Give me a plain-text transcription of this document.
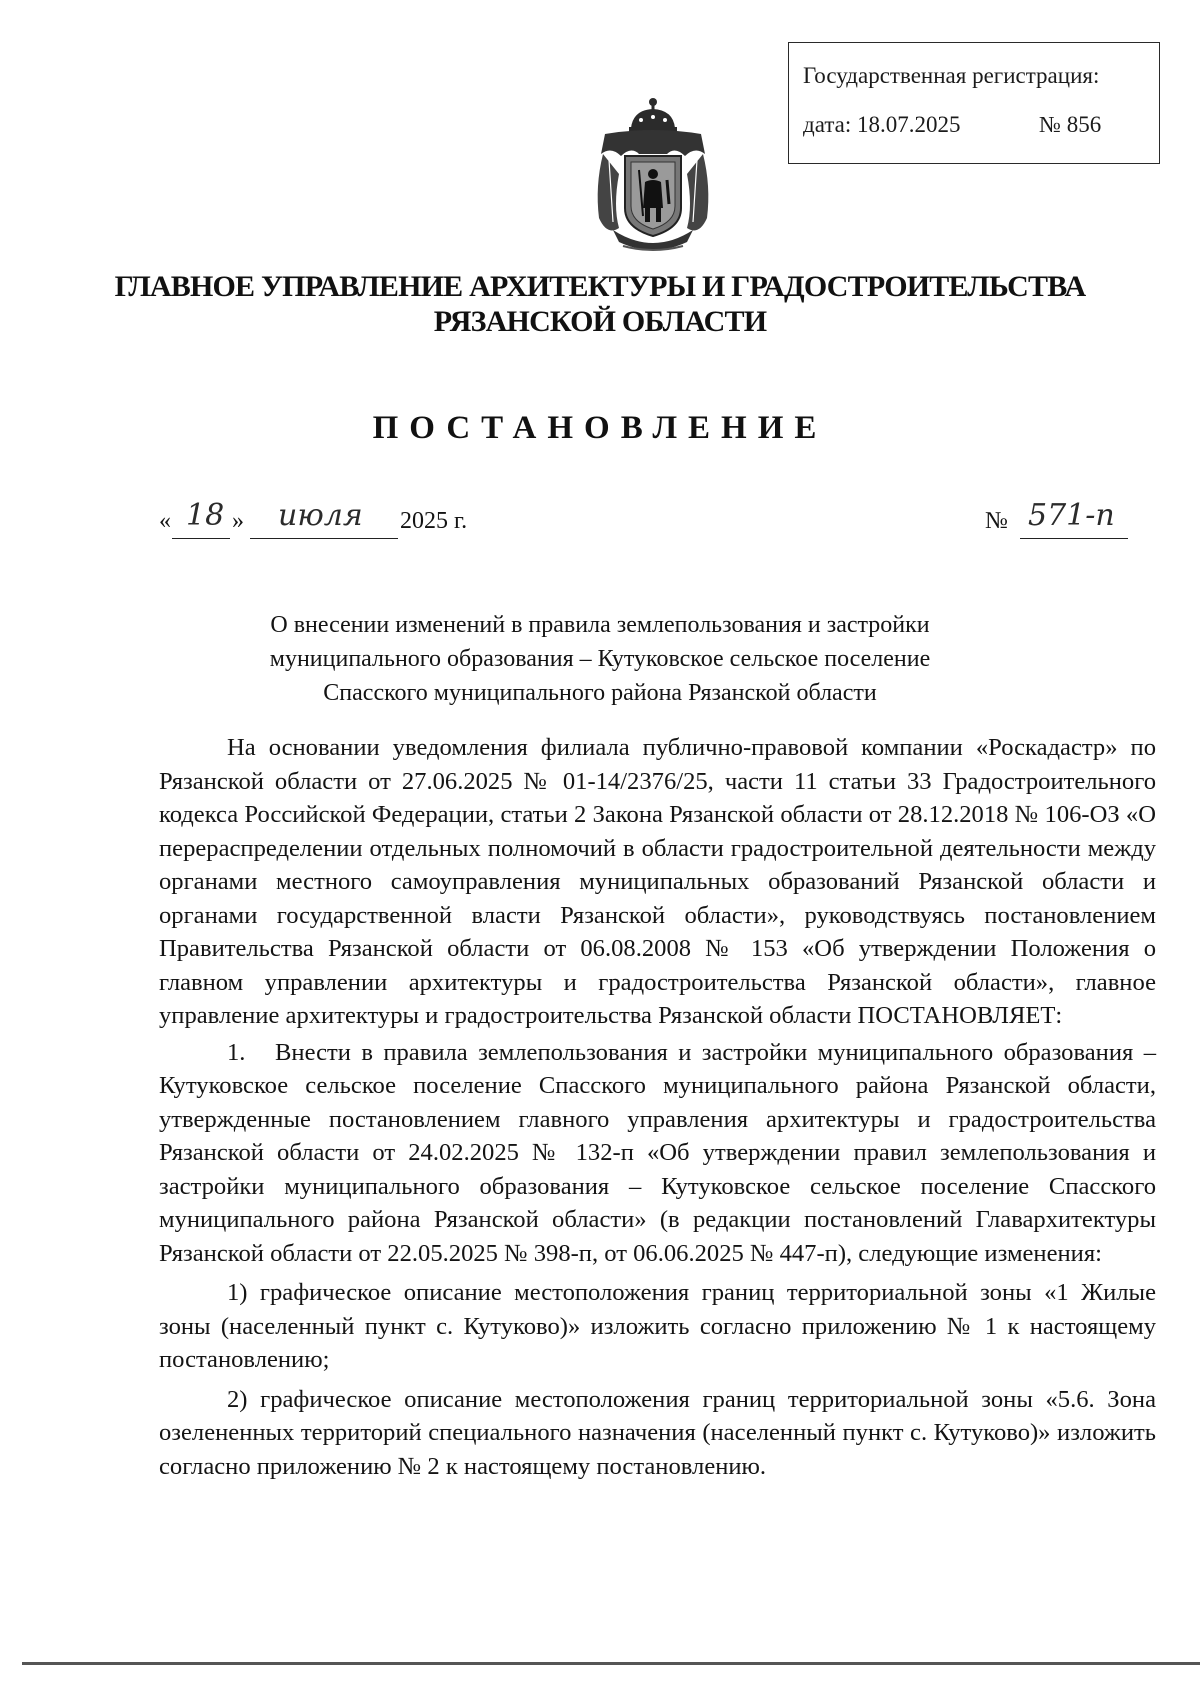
Государственная регистрация:
дата: 18.07.2025	№ 856
ГЛАВНОЕ УПРАВЛЕНИЕ АРХИТЕКТУРЫ И ГРАДОСТРОИТЕЛЬСТВА
РЯЗАНСКОЙ ОБЛАСТИ
ПОСТАНОВЛЕНИЕ
« 18 » июля 2025 г.	№ 571-п
О внесении изменений в правила землепользования и застройки
муниципального образования – Кутуковское сельское поселение
Спасского муниципального района Рязанской области

На основании уведомления филиала публично-правовой компании «Роскадастр» по Рязанской области от 27.06.2025 № 01-14/2376/25, части 11 статьи 33 Градостроительного кодекса Российской Федерации, статьи 2 Закона Рязанской области от 28.12.2018 № 106-ОЗ «О перераспределении отдельных полномочий в области градостроительной деятельности между органами местного самоуправления муниципальных образований Рязанской области и органами государственной власти Рязанской области», руководствуясь постановлением Правительства Рязанской области от 06.08.2008 № 153 «Об утверждении Положения о главном управлении архитектуры и градостроительства Рязанской области», главное управление архитектуры и градостроительства Рязанской области ПОСТАНОВЛЯЕТ:

1. Внести в правила землепользования и застройки муниципального образования – Кутуковское сельское поселение Спасского муниципального района Рязанской области, утвержденные постановлением главного управления архитектуры и градостроительства Рязанской области от 24.02.2025 № 132-п «Об утверждении правил землепользования и застройки муниципального образования – Кутуковское сельское поселение Спасского муниципального района Рязанской области» (в редакции постановлений Главархитектуры Рязанской области от 22.05.2025 № 398-п, от 06.06.2025 № 447-п), следующие изменения:

1) графическое описание местоположения границ территориальной зоны «1 Жилые зоны (населенный пункт с. Кутуково)» изложить согласно приложению № 1 к настоящему постановлению;

2) графическое описание местоположения границ территориальной зоны «5.6. Зона озелененных территорий специального назначения (населенный пункт с. Кутуково)» изложить согласно приложению № 2 к настоящему постановлению.
